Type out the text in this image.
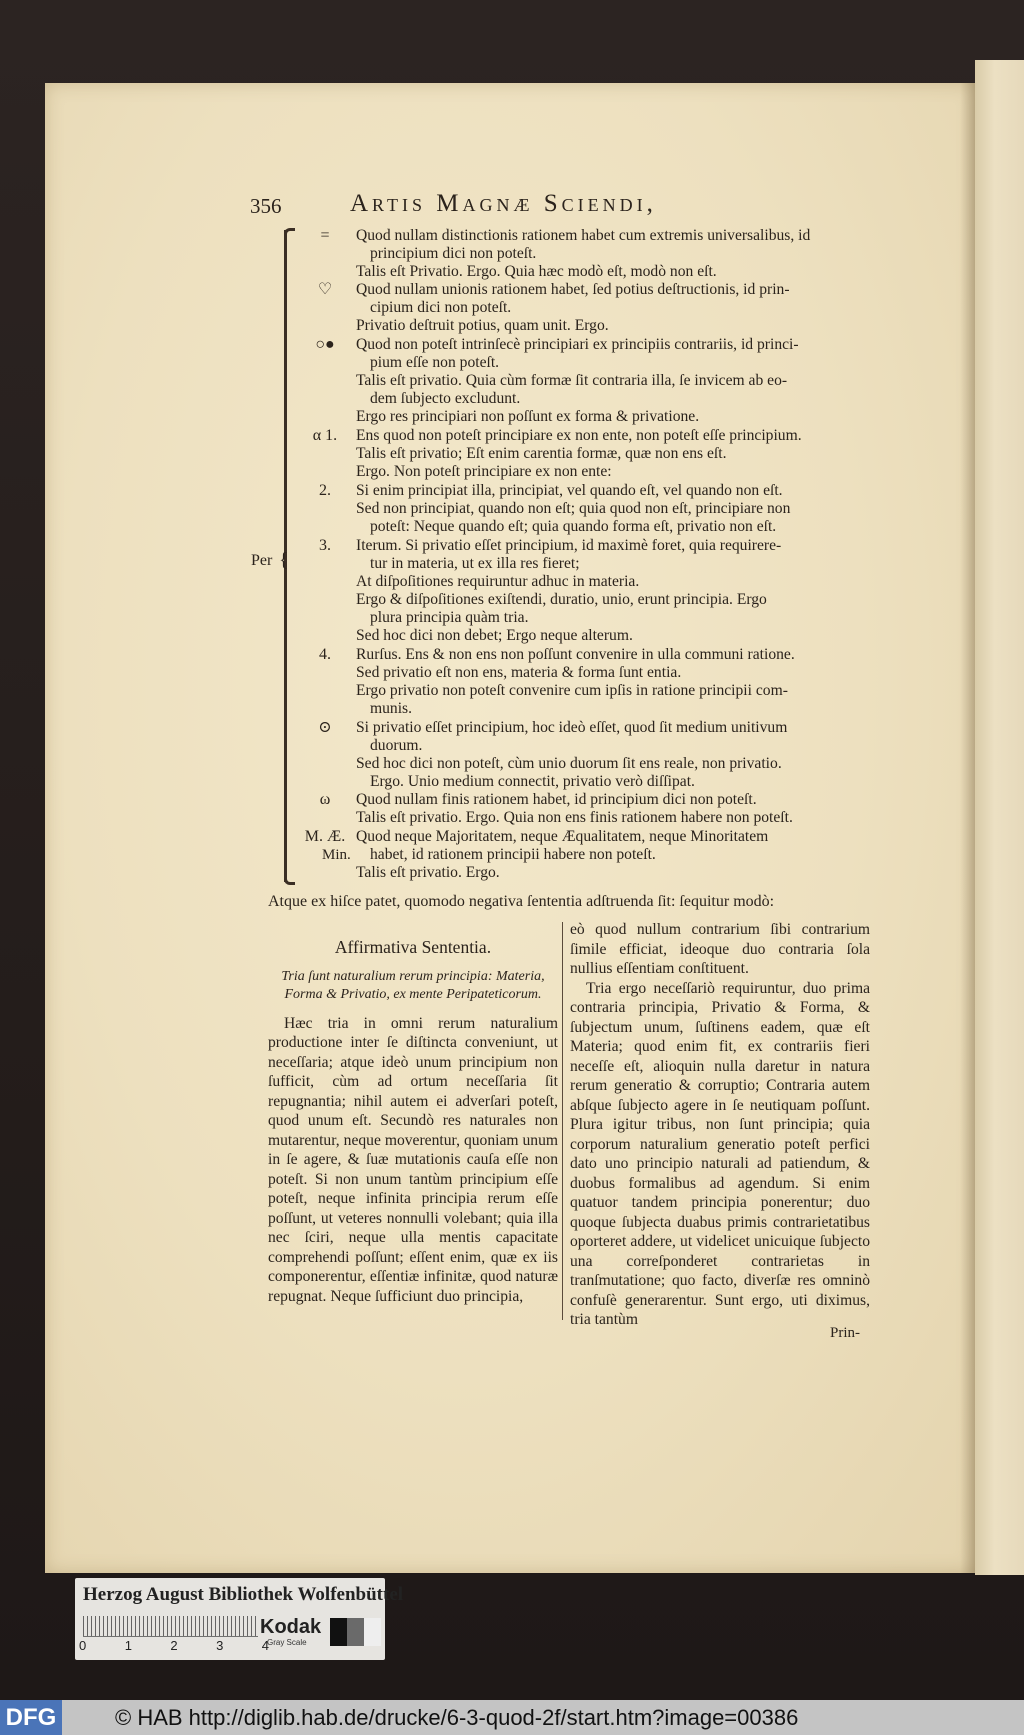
356	Artis Magnæ Sciendi,
Per {
=	Quod nullam distinctionis rationem habet cum extremis universalibus, id
principium dici non poteſt.
Talis eſt Privatio. Ergo. Quia hæc modò eſt, modò non eſt.
♡	Quod nullam unionis rationem habet, ſed potius deſtructionis, id prin-
cipium dici non poteſt.
Privatio deſtruit potius, quam unit. Ergo.
○●	Quod non poteſt intrinſecè principiari ex principiis contrariis, id princi-
pium eſſe non poteſt.
Talis eſt privatio. Quia cùm formæ ſit contraria illa, ſe invicem ab eo-
dem ſubjecto excludunt.
Ergo res principiari non poſſunt ex forma & privatione.
α 1.	Ens quod non poteſt principiare ex non ente, non poteſt eſſe principium.
Talis eſt privatio; Eſt enim carentia formæ, quæ non ens eſt.
Ergo. Non poteſt principiare ex non ente:
2.	Si enim principiat illa, principiat, vel quando eſt, vel quando non eſt.
Sed non principiat, quando non eſt; quia quod non eſt, principiare non
poteſt: Neque quando eſt; quia quando forma eſt, privatio non eſt.
3.	Iterum. Si privatio eſſet principium, id maximè foret, quia requirere-
tur in materia, ut ex illa res fieret;
At diſpoſitiones requiruntur adhuc in materia.
Ergo & diſpoſitiones exiſtendi, duratio, unio, erunt principia. Ergo
plura principia quàm tria.
Sed hoc dici non debet; Ergo neque alterum.
4.	Rurſus. Ens & non ens non poſſunt convenire in ulla communi ratione.
Sed privatio eſt non ens, materia & forma ſunt entia.
Ergo privatio non poteſt convenire cum ipſis in ratione principii com-
munis.
⊙	Si privatio eſſet principium, hoc ideò eſſet, quod ſit medium unitivum
duorum.
Sed hoc dici non poteſt, cùm unio duorum ſit ens reale, non privatio.
Ergo. Unio medium connectit, privatio verò diſſipat.
ω	Quod nullam finis rationem habet, id principium dici non poteſt.
Talis eſt privatio. Ergo. Quia non ens finis rationem habere non poteſt.
M. Æ. Quod neque Majoritatem, neque Æqualitatem, neque Minoritatem
habet, id rationem principii habere non poteſt.
Talis eſt privatio. Ergo.
Min.
Atque ex hiſce patet, quomodo negativa ſententia adſtruenda ſit: ſequitur modò:
Affirmativa Sententia.
Tria ſunt naturalium rerum principia: Materia, Forma & Privatio, ex mente Peripateticorum.

Hæc tria in omni rerum naturalium productione inter ſe diſtincta conveniunt, ut neceſſaria; atque ideò unum principium non ſufficit, cùm ad ortum neceſſaria ſit repugnantia; nihil autem ei adverſari poteſt, quod unum eſt. Secundò res naturales non mutarentur, neque moverentur, quoniam unum in ſe agere, & ſuæ mutationis cauſa eſſe non poteſt. Si non unum tantùm principium eſſe poteſt, neque infinita principia rerum eſſe poſſunt, ut veteres nonnulli volebant; quia illa nec ſciri, neque ulla mentis capacitate comprehendi poſſunt; eſſent enim, quæ ex iis componerentur, eſſentiæ infinitæ, quod naturæ repugnat. Neque ſufficiunt duo principia,

eò quod nullum contrarium ſibi contrarium ſimile efficiat, ideoque duo contraria ſola nullius eſſentiam conſtituent.

Tria ergo neceſſariò requiruntur, duo prima contraria principia, Privatio & Forma, & ſubjectum unum, ſuſtinens eadem, quæ eſt Materia; quod enim fit, ex contrariis fieri neceſſe eſt, alioquin nulla daretur in natura rerum generatio & corruptio; Contraria autem abſque ſubjecto agere in ſe neutiquam poſſunt. Plura igitur tribus, non ſunt principia; quia corporum naturalium generatio poteſt perfici dato uno principio naturali ad patiendum, & duobus formalibus ad agendum. Si enim quatuor tandem principia ponerentur; duo quoque ſubjecta duabus primis contrarietatibus oporteret addere, ut videlicet unicuique ſubjecto una correſponderet contrarietas in tranſmutatione; quo facto, diverſæ res omninò confuſè generarentur. Sunt ergo, uti diximus, tria tantùm

Prin-
Herzog August Bibliothek Wolfenbüttel
0	1	2	3	4
Kodak
Gray Scale
DFG	© HAB http://diglib.hab.de/drucke/6-3-quod-2f/start.htm?image=00386
